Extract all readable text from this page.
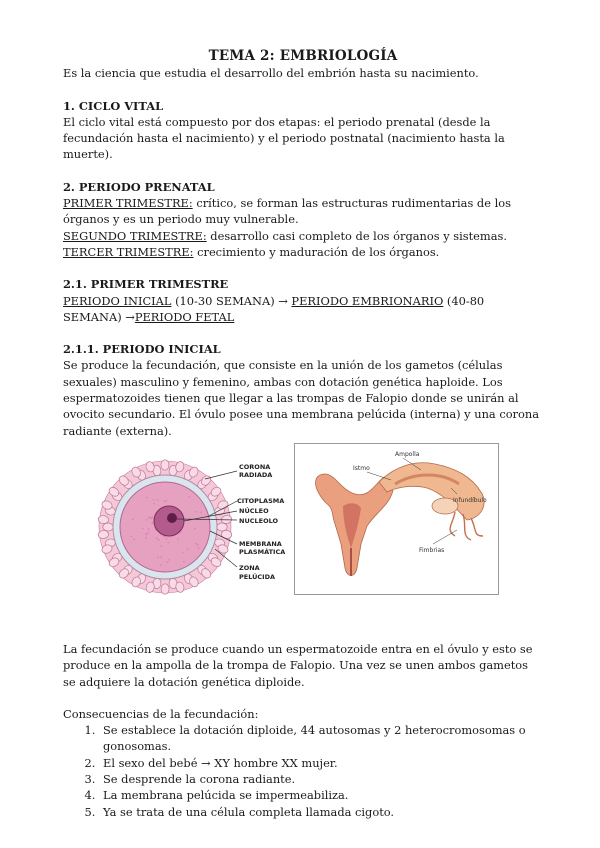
TEMA 2: EMBRIOLOGÍA

Es la ciencia que estudia el desarrollo del embrión hasta su nacimiento.

1. CICLO VITAL

El ciclo vital está compuesto por dos etapas: el periodo prenatal (desde la fecundación hasta el nacimiento) y el periodo postnatal (nacimiento hasta la muerte).

2. PERIODO PRENATAL

PRIMER TRIMESTRE: crítico, se forman las estructuras rudimentarias de los órganos y es un periodo muy vulnerable.

SEGUNDO TRIMESTRE: desarrollo casi completo de los órganos y sistemas.

TERCER TRIMESTRE: crecimiento y maduración de los órganos.

2.1. PRIMER TRIMESTRE

PERIODO INICIAL (10-30 SEMANA) → PERIODO EMBRIONARIO (40-80 SEMANA) →PERIODO FETAL

2.1.1. PERIODO INICIAL

Se produce la fecundación, que consiste en la unión de los gametos (células sexuales) masculino y femenino, ambas con dotación genética haploide. Los espermatozoides tienen que llegar a las trompas de Falopio donde se unirán al ovocito secundario. El óvulo posee una membrana pelúcida (interna) y una corona radiante (externa).

CORONA
RADIADA
CITOPLASMA
NÚCLEO
NUCLEOLO
MEMBRANA
PLASMÁTICA
ZONA
PELÚCIDA
Ampolla
Istmo
Infundíbulo
Fimbrias

La fecundación se produce cuando un espermatozoide entra en el óvulo y esto se produce en la ampolla de la trompa de Falopio. Una vez se unen ambos gametos se adquiere la dotación genética diploide.

Consecuencias de la fecundación:

1. Se establece la dotación diploide, 44 autosomas y 2 heterocromosomas o gonosomas.
2. El sexo del bebé → XY hombre XX mujer.
3. Se desprende la corona radiante.
4. La membrana pelúcida se impermeabiliza.
5. Ya se trata de una célula completa llamada cigoto.
